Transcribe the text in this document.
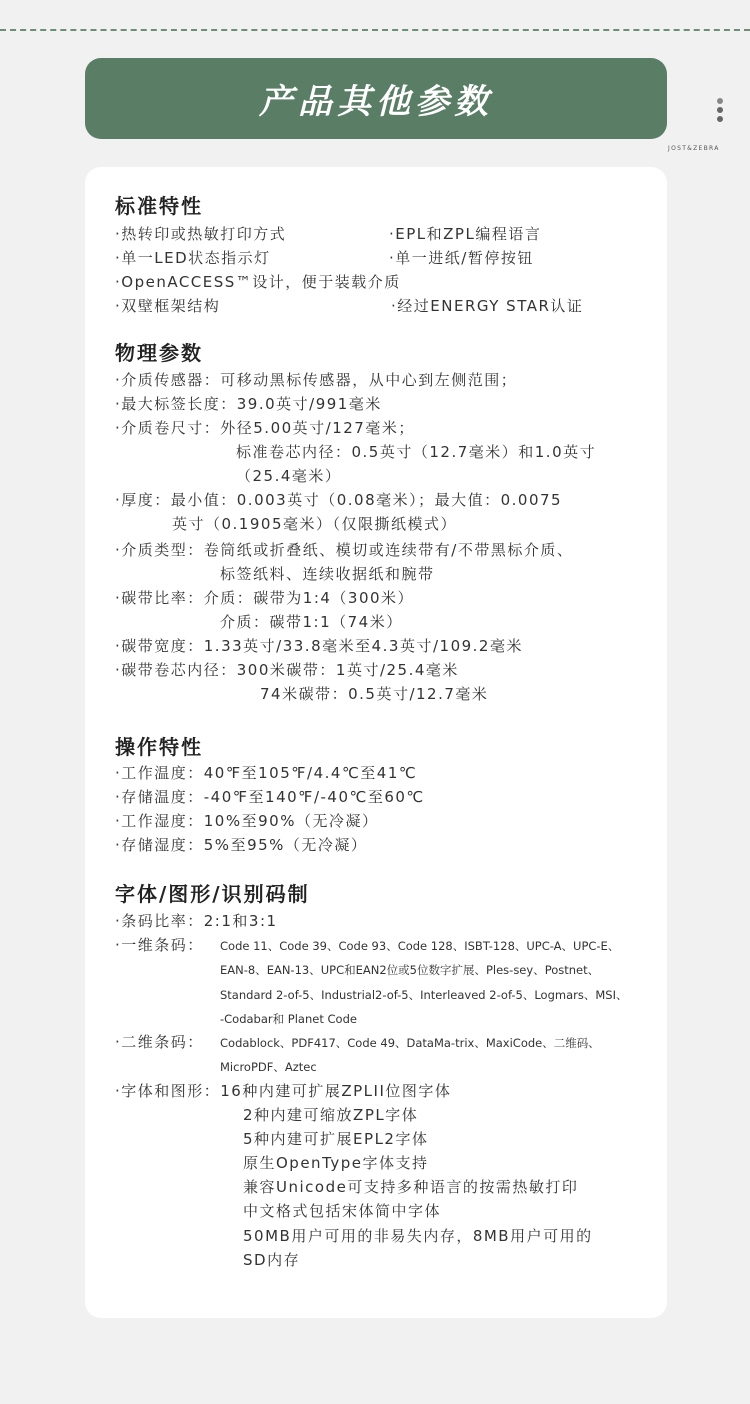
产品其他参数
JOST&ZEBRA
标准特性
·热转印或热敏打印方式	·EPL和ZPL编程语言
·单一LED状态指示灯	·单一进纸/暂停按钮
·OpenACCESS™设计，便于装载介质
·双壁框架结构	·经过ENERGY STAR认证
物理参数
·介质传感器：可移动黑标传感器，从中心到左侧范围；
·最大标签长度：39.0英寸/991毫米
·介质卷尺寸：外径5.00英寸/127毫米；
标准卷芯内径：0.5英寸（12.7毫米）和1.0英寸
（25.4毫米）
·厚度：最小值：0.003英寸（0.08毫米）；最大值：0.0075
英寸（0.1905毫米）（仅限撕纸模式）
·介质类型：卷筒纸或折叠纸、模切或连续带有/不带黑标介质、
标签纸料、连续收据纸和腕带
·碳带比率：介质：碳带为1:4（300米）
介质：碳带1:1（74米）
·碳带宽度：1.33英寸/33.8毫米至4.3英寸/109.2毫米
·碳带卷芯内径：300米碳带：1英寸/25.4毫米
74米碳带：0.5英寸/12.7毫米
操作特性
·工作温度：40℉至105℉/4.4℃至41℃
·存储温度：-40℉至140℉/-40℃至60℃
·工作湿度：10%至90%（无冷凝）
·存储湿度：5%至95%（无冷凝）
字体/图形/识别码制
·条码比率：2:1和3:1
·一维条码： Code 11、Code 39、Code 93、Code 128、ISBT-128、UPC-A、UPC-E、
EAN-8、EAN-13、UPC和EAN2位或5位数字扩展、Ples-sey、Postnet、
Standard 2-of-5、Industrial2-of-5、Interleaved 2-of-5、Logmars、MSI、
-Codabar和 Planet Code
·二维条码： Codablock、PDF417、Code 49、DataMa-trix、MaxiCode、二维码、
MicroPDF、Aztec
·字体和图形：16种内建可扩展ZPLII位图字体
2种内建可缩放ZPL字体
5种内建可扩展EPL2字体
原生OpenType字体支持
兼容Unicode可支持多种语言的按需热敏打印
中文格式包括宋体简中字体
50MB用户可用的非易失内存，8MB用户可用的
SD内存
